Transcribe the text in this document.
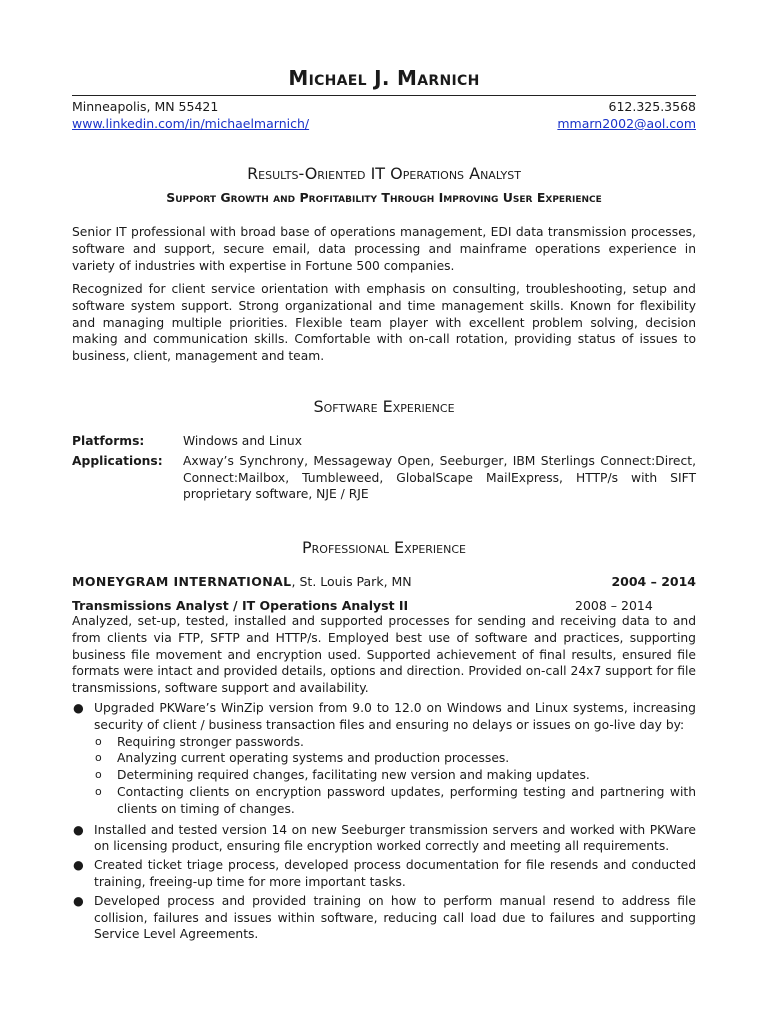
Michael J. Marnich
Minneapolis, MN 55421	612.325.3568
www.linkedin.com/in/michaelmarnich/	mmarn2002@aol.com
Results-Oriented IT Operations Analyst
Support Growth and Profitability Through Improving User Experience

Senior IT professional with broad base of operations management, EDI data transmission processes, software and support, secure email, data processing and mainframe operations experience in variety of industries with expertise in Fortune 500 companies.

Recognized for client service orientation with emphasis on consulting, troubleshooting, setup and software system support. Strong organizational and time management skills. Known for flexibility and managing multiple priorities. Flexible team player with excellent problem solving, decision making and communication skills. Comfortable with on-call rotation, providing status of issues to business, client, management and team.

Software Experience
Platforms:	Windows and Linux
Applications:	Axway’s Synchrony, Messageway Open, Seeburger, IBM Sterlings Connect:Direct, Connect:Mailbox, Tumbleweed, GlobalScape MailExpress, HTTP/s with SIFT proprietary software, NJE / RJE
Professional Experience
MONEYGRAM INTERNATIONAL, St. Louis Park, MN	2004 – 2014
Transmissions Analyst / IT Operations Analyst II	2008 – 2014

Analyzed, set-up, tested, installed and supported processes for sending and receiving data to and from clients via FTP, SFTP and HTTP/s. Employed best use of software and practices, supporting business file movement and encryption used. Supported achievement of final results, ensured file formats were intact and provided details, options and direction. Provided on-call 24x7 support for file transmissions, software support and availability.

● Upgraded PKWare’s WinZip version from 9.0 to 12.0 on Windows and Linux systems, increasing security of client / business transaction files and ensuring no delays or issues on go-live day by:
o Requiring stronger passwords.
o Analyzing current operating systems and production processes.
o Determining required changes, facilitating new version and making updates.
o Contacting clients on encryption password updates, performing testing and partnering with clients on timing of changes.
● Installed and tested version 14 on new Seeburger transmission servers and worked with PKWare on licensing product, ensuring file encryption worked correctly and meeting all requirements.
● Created ticket triage process, developed process documentation for file resends and conducted training, freeing-up time for more important tasks.
● Developed process and provided training on how to perform manual resend to address file collision, failures and issues within software, reducing call load due to failures and supporting Service Level Agreements.
